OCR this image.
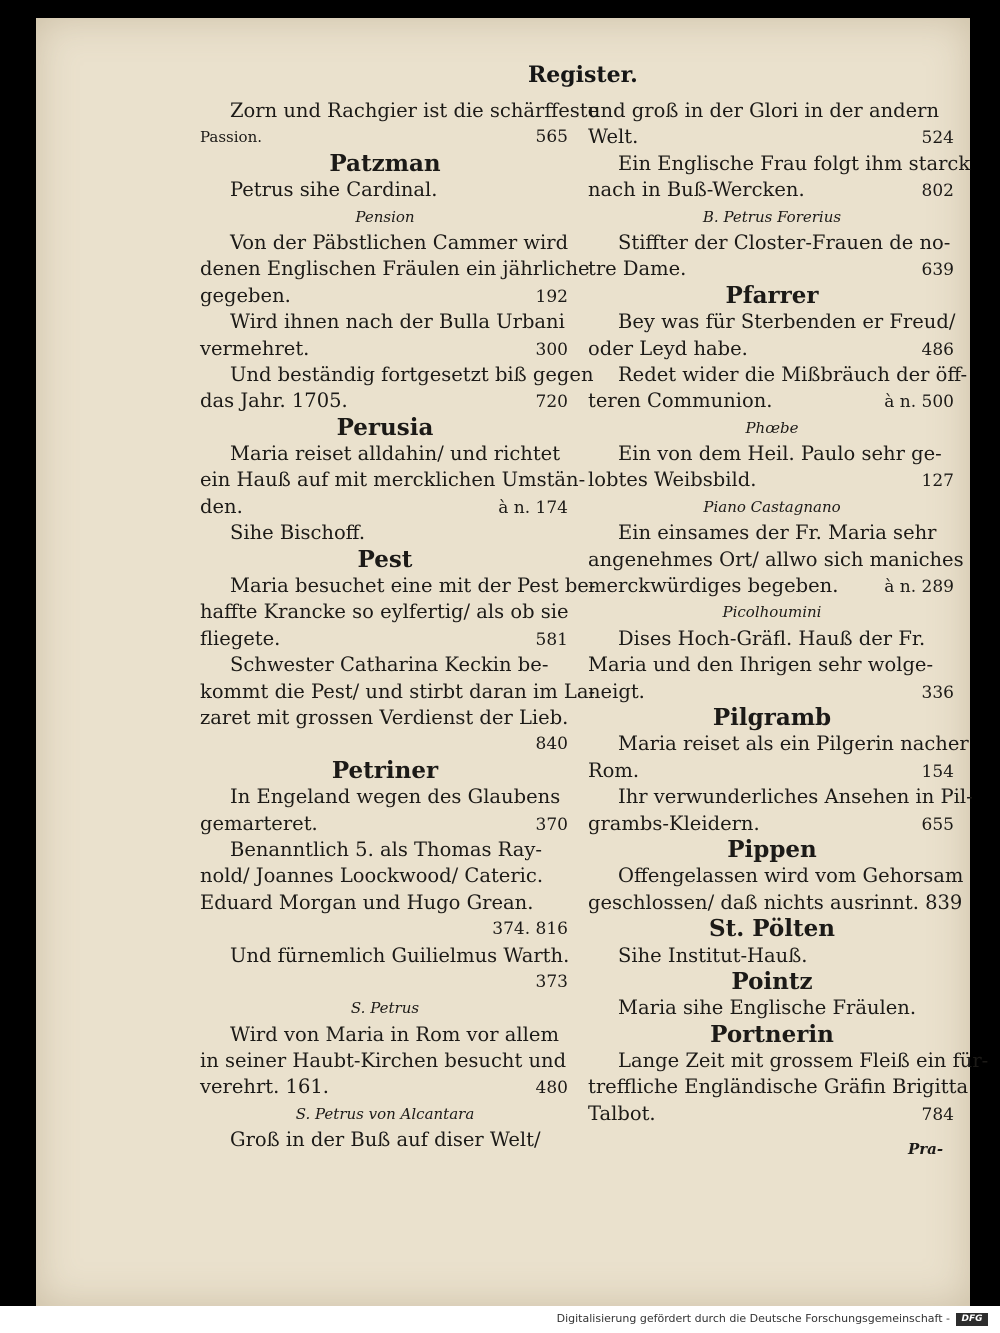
Register.
Zorn und Rachgier ist die schärffeste
Passion.	565
Patzman
Petrus sihe Cardinal.
Pension
Von der Päbstlichen Cammer wird
denen Englischen Fräulen ein jährliche
gegeben.	192
Wird ihnen nach der Bulla Urbani
vermehret.	300
Und beständig fortgesetzt biß gegen
das Jahr. 1705.	720
Perusia
Maria reiset alldahin/ und richtet
ein Hauß auf mit mercklichen Umstän-
den.	à n. 174
Sihe Bischoff.
Pest
Maria besuchet eine mit der Pest be-
haffte Krancke so eylfertig/ als ob sie
fliegete.	581
Schwester Catharina Keckin be-
kommt die Pest/ und stirbt daran im La-
zaret mit grossen Verdienst der Lieb.
840
Petriner
In Engeland wegen des Glaubens
gemarteret.	370
Benanntlich 5. als Thomas Ray-
nold/ Joannes Loockwood/ Cateric.
Eduard Morgan und Hugo Grean.
374. 816
Und fürnemlich Guilielmus Warth.
373
S. Petrus
Wird von Maria in Rom vor allem
in seiner Haubt-Kirchen besucht und
verehrt. 161.	480
S. Petrus von Alcantara
Groß in der Buß auf diser Welt/
und groß in der Glori in der andern
Welt.	524
Ein Englische Frau folgt ihm starck
nach in Buß-Wercken.	802
B. Petrus Forerius
Stiffter der Closter-Frauen de no-
tre Dame.	639
Pfarrer
Bey was für Sterbenden er Freud/
oder Leyd habe.	486
Redet wider die Mißbräuch der öff-
teren Communion.	à n. 500
Phœbe
Ein von dem Heil. Paulo sehr ge-
lobtes Weibsbild.	127
Piano Castagnano
Ein einsames der Fr. Maria sehr
angenehmes Ort/ allwo sich maniches
merckwürdiges begeben.	à n. 289
Picolhoumini
Dises Hoch-Gräfl. Hauß der Fr.
Maria und den Ihrigen sehr wolge-
neigt.	336
Pilgramb
Maria reiset als ein Pilgerin nacher
Rom.	154
Ihr verwunderliches Ansehen in Pil-
grambs-Kleidern.	655
Pippen
Offengelassen wird vom Gehorsam
geschlossen/ daß nichts ausrinnt. 839
St. Pölten
Sihe Institut-Hauß.
Pointz
Maria sihe Englische Fräulen.
Portnerin
Lange Zeit mit grossem Fleiß ein für-
treffliche Engländische Gräfin Brigitta
Talbot.	784
Pra-
Digitalisierung gefördert durch die Deutsche Forschungsgemeinschaft -	DFG
